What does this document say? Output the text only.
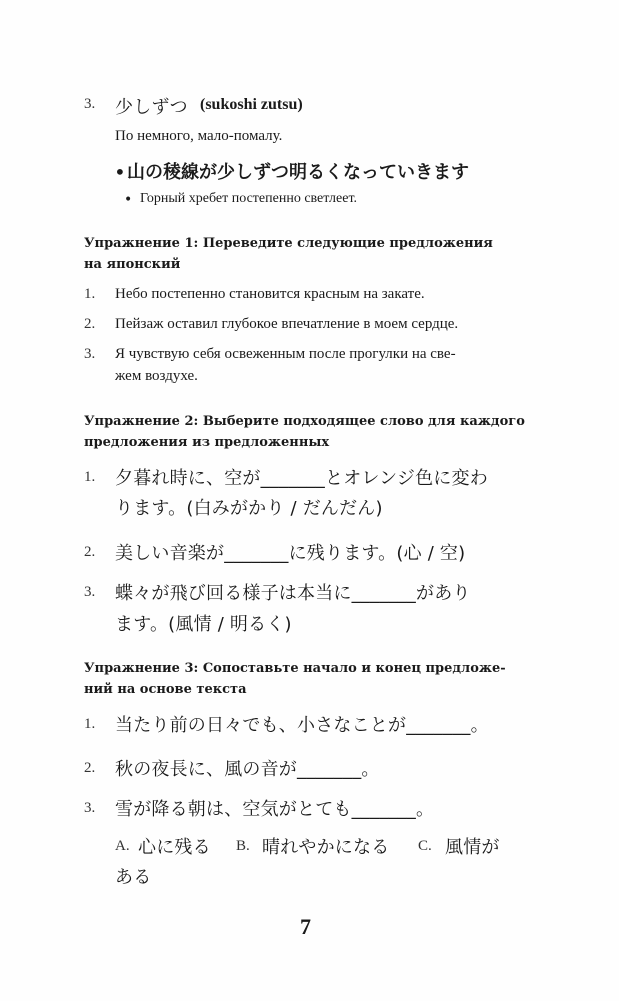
3. 少しずつ (sukoshi zutsu)
По немного, мало-помалу.
• 山の稜線が少しずつ明るくなっていきます
• Горный хребет постепенно светлеет.
Упражнение 1: Переведите следующие предложения
на японский
1. Небо постепенно становится красным на закате.
2. Пейзаж оставил глубокое впечатление в моем сердце.
3. Я чувствую себя освеженным после прогулки на све-
жем воздухе.
Упражнение 2: Выберите подходящее слово для каждого
предложения из предложенных
1. 夕暮れ時に、空が_______とオレンジ色に変わ
ります。(白みがかり / だんだん)
2. 美しい音楽が_______に残ります。(心 / 空)
3. 蝶々が飛び回る様子は本当に_______があり
ます。(風情 / 明るく)
Упражнение 3: Сопоставьте начало и конец предложе-
ний на основе текста
1. 当たり前の日々でも、小さなことが_______。
2. 秋の夜長に、風の音が_______。
3. 雪が降る朝は、空気がとても_______。
A. 心に残る B. 晴れやかになる C. 風情が
ある
7
